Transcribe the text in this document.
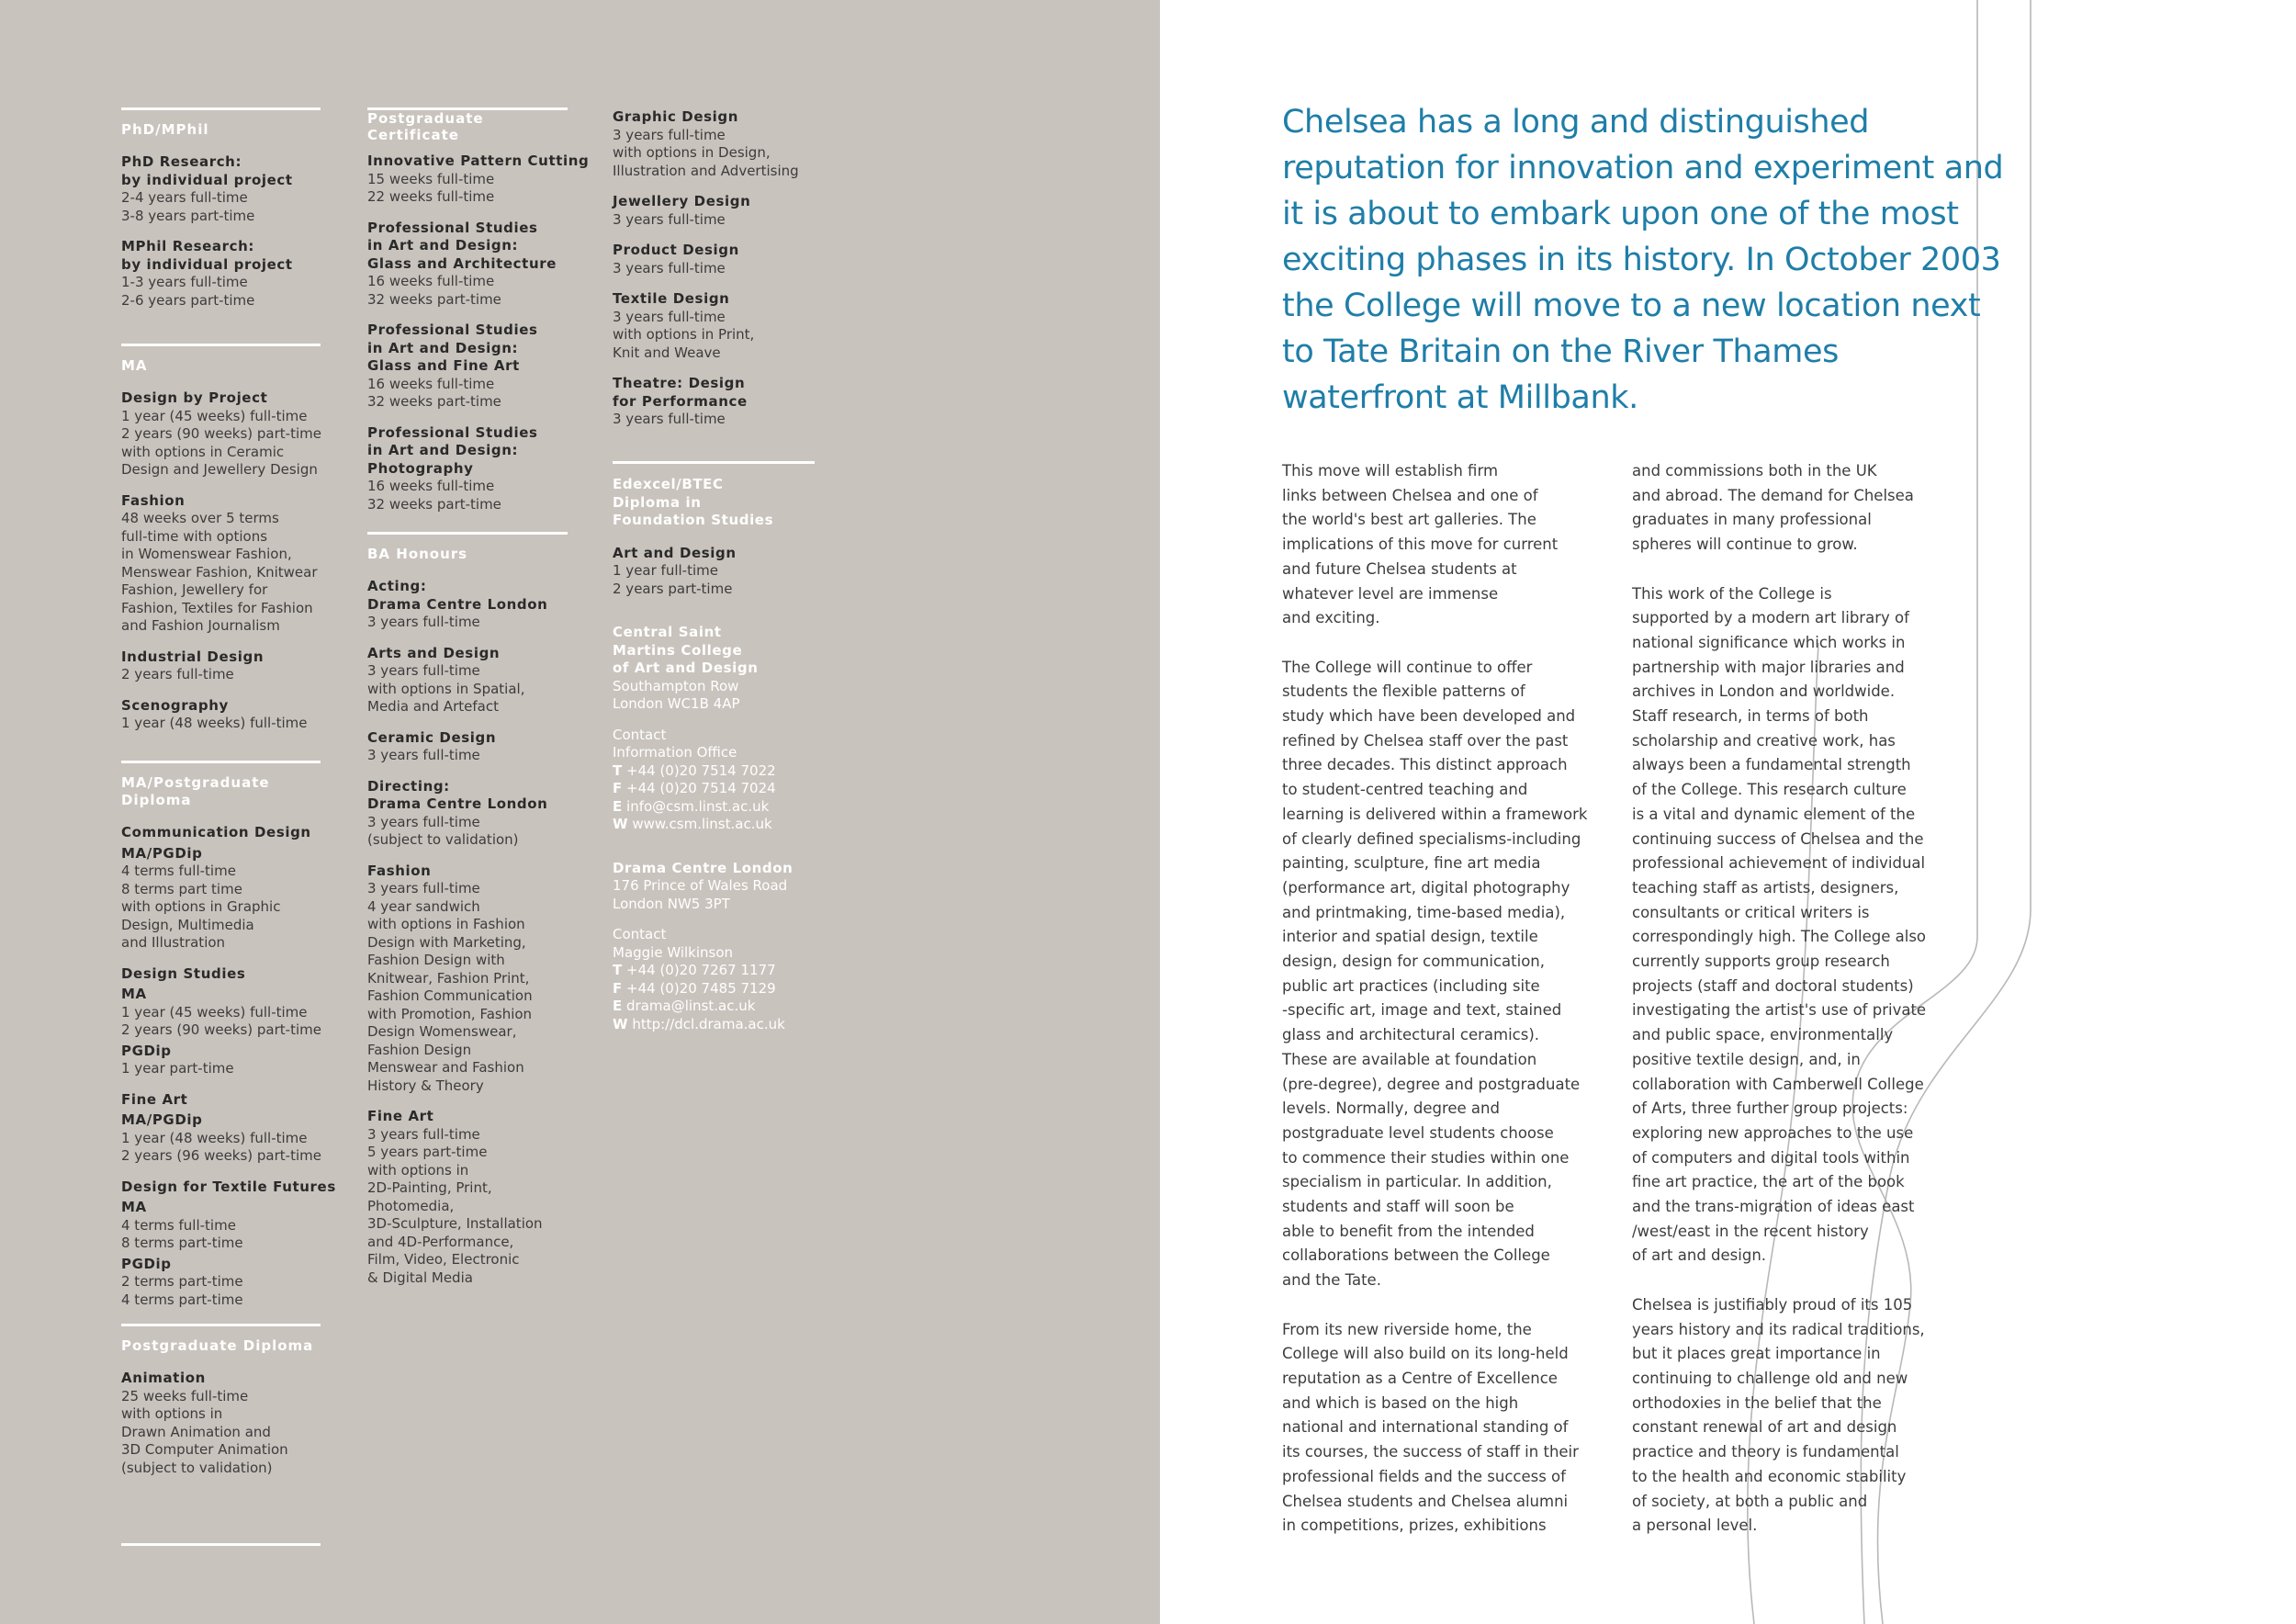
PhD/MPhil
PhD Research:
by individual project
2-4 years full-time
3-8 years part-time
MPhil Research:
by individual project
1-3 years full-time
2-6 years part-time
MA
Design by Project
1 year (45 weeks) full-time
2 years (90 weeks) part-time
with options in Ceramic
Design and Jewellery Design
Fashion
48 weeks over 5 terms
full-time with options
in Womenswear Fashion,
Menswear Fashion, Knitwear
Fashion, Jewellery for
Fashion, Textiles for Fashion
and Fashion Journalism
Industrial Design
2 years full-time
Scenography
1 year (48 weeks) full-time
MA/Postgraduate Diploma
Communication Design
MA/PGDip
4 terms full-time
8 terms part time
with options in Graphic
Design, Multimedia
and Illustration
Design Studies
MA
1 year (45 weeks) full-time
2 years (90 weeks) part-time
PGDip
1 year part-time
Fine Art
MA/PGDip
1 year (48 weeks) full-time
2 years (96 weeks) part-time
Design for Textile Futures
MA
4 terms full-time
8 terms part-time
PGDip
2 terms part-time
4 terms part-time
Postgraduate Diploma
Animation
25 weeks full-time
with options in
Drawn Animation and
3D Computer Animation
(subject to validation)
Postgraduate Certificate
Innovative Pattern Cutting
15 weeks full-time
22 weeks full-time
Professional Studies
in Art and Design:
Glass and Architecture
16 weeks full-time
32 weeks part-time
Professional Studies
in Art and Design:
Glass and Fine Art
16 weeks full-time
32 weeks part-time
Professional Studies
in Art and Design:
Photography
16 weeks full-time
32 weeks part-time
BA Honours
Acting:
Drama Centre London
3 years full-time
Arts and Design
3 years full-time
with options in Spatial,
Media and Artefact
Ceramic Design
3 years full-time
Directing:
Drama Centre London
3 years full-time
(subject to validation)
Fashion
3 years full-time
4 year sandwich
with options in Fashion
Design with Marketing,
Fashion Design with
Knitwear, Fashion Print,
Fashion Communication
with Promotion, Fashion
Design Womenswear,
Fashion Design
Menswear and Fashion
History & Theory
Fine Art
3 years full-time
5 years part-time
with options in
2D-Painting, Print,
Photomedia,
3D-Sculpture, Installation
and 4D-Performance,
Film, Video, Electronic
& Digital Media
Graphic Design
3 years full-time
with options in Design,
Illustration and Advertising
Jewellery Design
3 years full-time
Product Design
3 years full-time
Textile Design
3 years full-time
with options in Print,
Knit and Weave
Theatre: Design
for Performance
3 years full-time
Edexcel/BTEC
Diploma in
Foundation Studies
Art and Design
1 year full-time
2 years part-time
Central Saint
Martins College
of Art and Design
Southampton Row
London WC1B 4AP
Contact
Information Office
T +44 (0)20 7514 7022
F +44 (0)20 7514 7024
E info@csm.linst.ac.uk
W www.csm.linst.ac.uk
Drama Centre London
176 Prince of Wales Road
London NW5 3PT
Contact
Maggie Wilkinson
T +44 (0)20 7267 1177
F +44 (0)20 7485 7129
E drama@linst.ac.uk
W http://dcl.drama.ac.uk
Chelsea has a long and distinguished
reputation for innovation and experiment and
it is about to embark upon one of the most
exciting phases in its history. In October 2003
the College will move to a new location next
to Tate Britain on the River Thames
waterfront at Millbank.
This move will establish firm
links between Chelsea and one of
the world's best art galleries. The
implications of this move for current
and future Chelsea students at
whatever level are immense
and exciting.
The College will continue to offer
students the flexible patterns of
study which have been developed and
refined by Chelsea staff over the past
three decades. This distinct approach
to student-centred teaching and
learning is delivered within a framework
of clearly defined specialisms-including
painting, sculpture, fine art media
(performance art, digital photography
and printmaking, time-based media),
interior and spatial design, textile
design, design for communication,
public art practices (including site
-specific art, image and text, stained
glass and architectural ceramics).
These are available at foundation
(pre-degree), degree and postgraduate
levels. Normally, degree and
postgraduate level students choose
to commence their studies within one
specialism in particular. In addition,
students and staff will soon be
able to benefit from the intended
collaborations between the College
and the Tate.
From its new riverside home, the
College will also build on its long-held
reputation as a Centre of Excellence
and which is based on the high
national and international standing of
its courses, the success of staff in their
professional fields and the success of
Chelsea students and Chelsea alumni
in competitions, prizes, exhibitions
and commissions both in the UK
and abroad. The demand for Chelsea
graduates in many professional
spheres will continue to grow.
This work of the College is
supported by a modern art library of
national significance which works in
partnership with major libraries and
archives in London and worldwide.
Staff research, in terms of both
scholarship and creative work, has
always been a fundamental strength
of the College. This research culture
is a vital and dynamic element of the
continuing success of Chelsea and the
professional achievement of individual
teaching staff as artists, designers,
consultants or critical writers is
correspondingly high. The College also
currently supports group research
projects (staff and doctoral students)
investigating the artist's use of private
and public space, environmentally
positive textile design, and, in
collaboration with Camberwell College
of Arts, three further group projects:
exploring new approaches to the use
of computers and digital tools within
fine art practice, the art of the book
and the trans-migration of ideas east
/west/east in the recent history
of art and design.
Chelsea is justifiably proud of its 105
years history and its radical traditions,
but it places great importance in
continuing to challenge old and new
orthodoxies in the belief that the
constant renewal of art and design
practice and theory is fundamental
to the health and economic stability
of society, at both a public and
a personal level.
